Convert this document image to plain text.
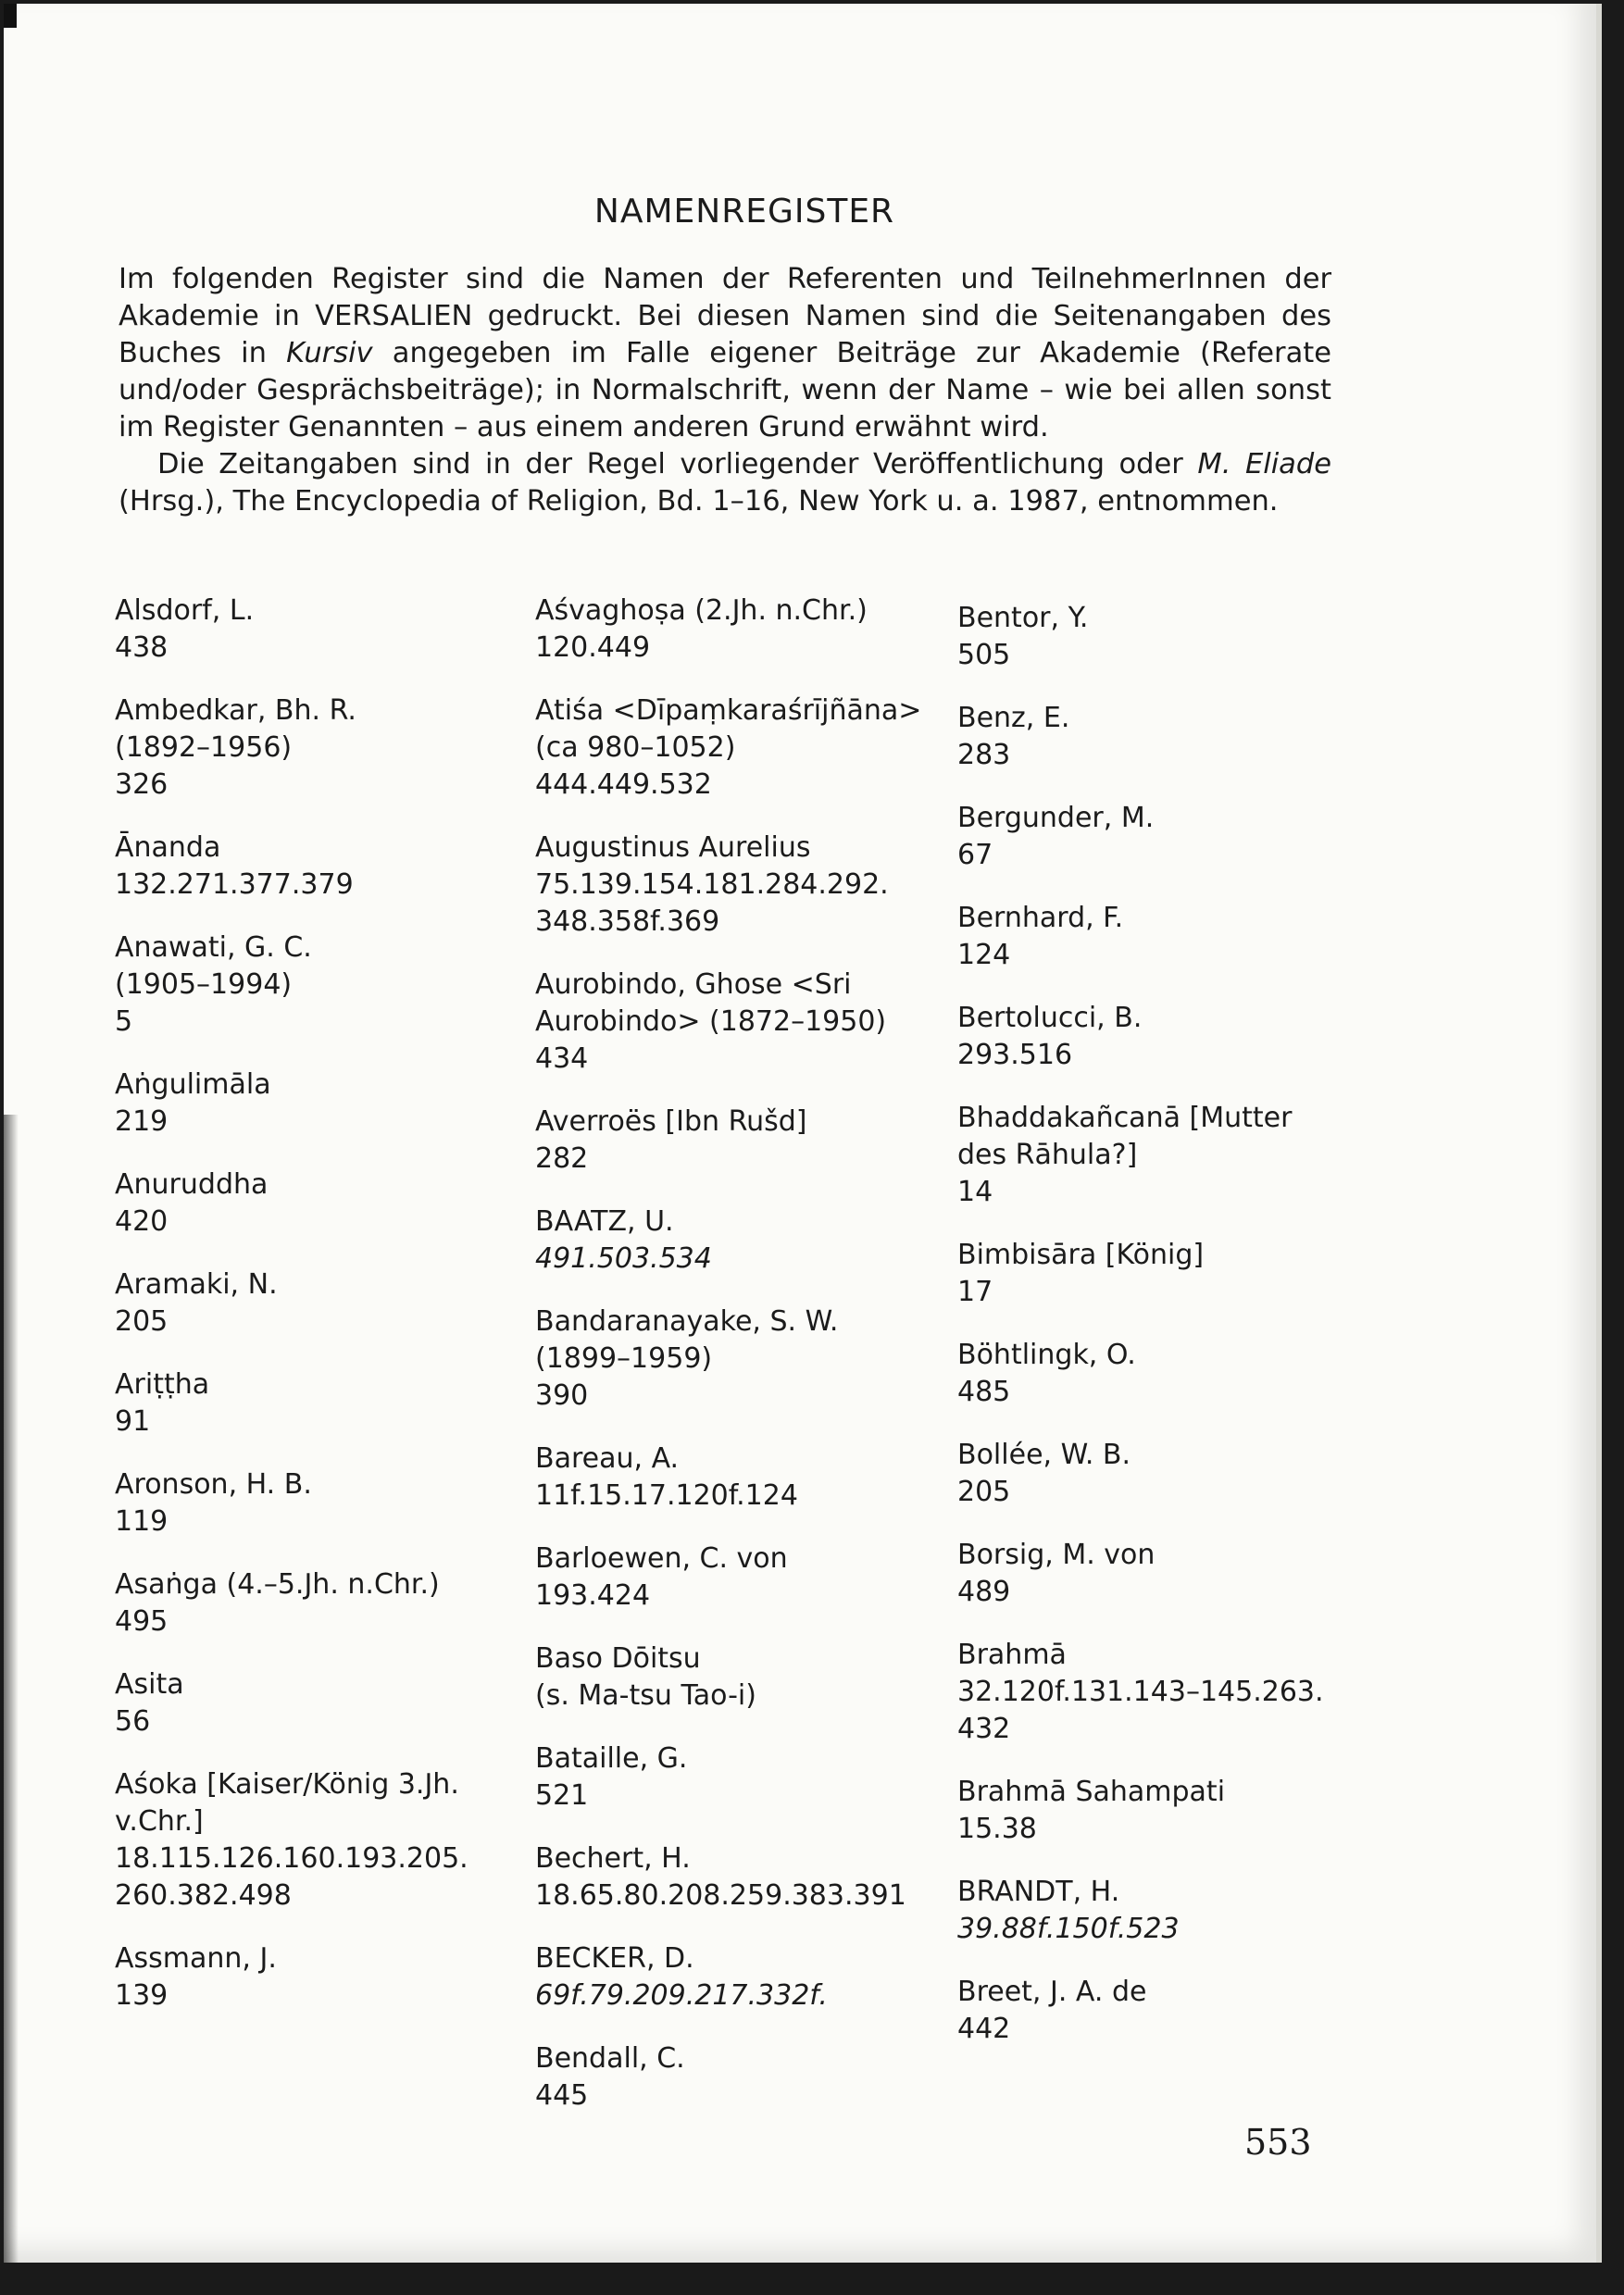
NAMENREGISTER

Im folgenden Register sind die Namen der Referenten und TeilnehmerInnen der Akademie in VERSALIEN gedruckt. Bei diesen Namen sind die Seitenangaben des Buches in Kursiv angegeben im Falle eigener Beiträge zur Akademie (Referate und/oder Gesprächsbeiträge); in Normalschrift, wenn der Name – wie bei allen sonst im Register Genannten – aus einem anderen Grund erwähnt wird.

Die Zeitangaben sind in der Regel vorliegender Veröffentlichung oder M. Eliade (Hrsg.), The Encyclopedia of Religion, Bd. 1–16, New York u. a. 1987, entnommen.

Alsdorf, L.
438
Ambedkar, Bh. R.
(1892–1956)
326
Ānanda
132.271.377.379
Anawati, G. C.
(1905–1994)
5
Aṅgulimāla
219
Anuruddha
420
Aramaki, N.
205
Ariṭṭha
91
Aronson, H. B.
119
Asaṅga (4.–5.Jh. n.Chr.)
495
Asita
56
Aśoka [Kaiser/König 3.Jh.
v.Chr.]
18.115.126.160.193.205.
260.382.498
Assmann, J.
139
Aśvaghoṣa (2.Jh. n.Chr.)
120.449
Atiśa <Dīpaṃkaraśrījñāna>
(ca 980–1052)
444.449.532
Augustinus Aurelius
75.139.154.181.284.292.
348.358f.369
Aurobindo, Ghose <Sri
Aurobindo> (1872–1950)
434
Averroës [Ibn Rušd]
282
BAATZ, U.
491.503.534
Bandaranayake, S. W.
(1899–1959)
390
Bareau, A.
11f.15.17.120f.124
Barloewen, C. von
193.424
Baso Dōitsu
(s. Ma-tsu Tao-i)
Bataille, G.
521
Bechert, H.
18.65.80.208.259.383.391
BECKER, D.
69f.79.209.217.332f.
Bendall, C.
445
Bentor, Y.
505
Benz, E.
283
Bergunder, M.
67
Bernhard, F.
124
Bertolucci, B.
293.516
Bhaddakañcanā [Mutter
des Rāhula?]
14
Bimbisāra [König]
17
Böhtlingk, O.
485
Bollée, W. B.
205
Borsig, M. von
489
Brahmā
32.120f.131.143–145.263.
432
Brahmā Sahampati
15.38
BRANDT, H.
39.88f.150f.523
Breet, J. A. de
442
553
